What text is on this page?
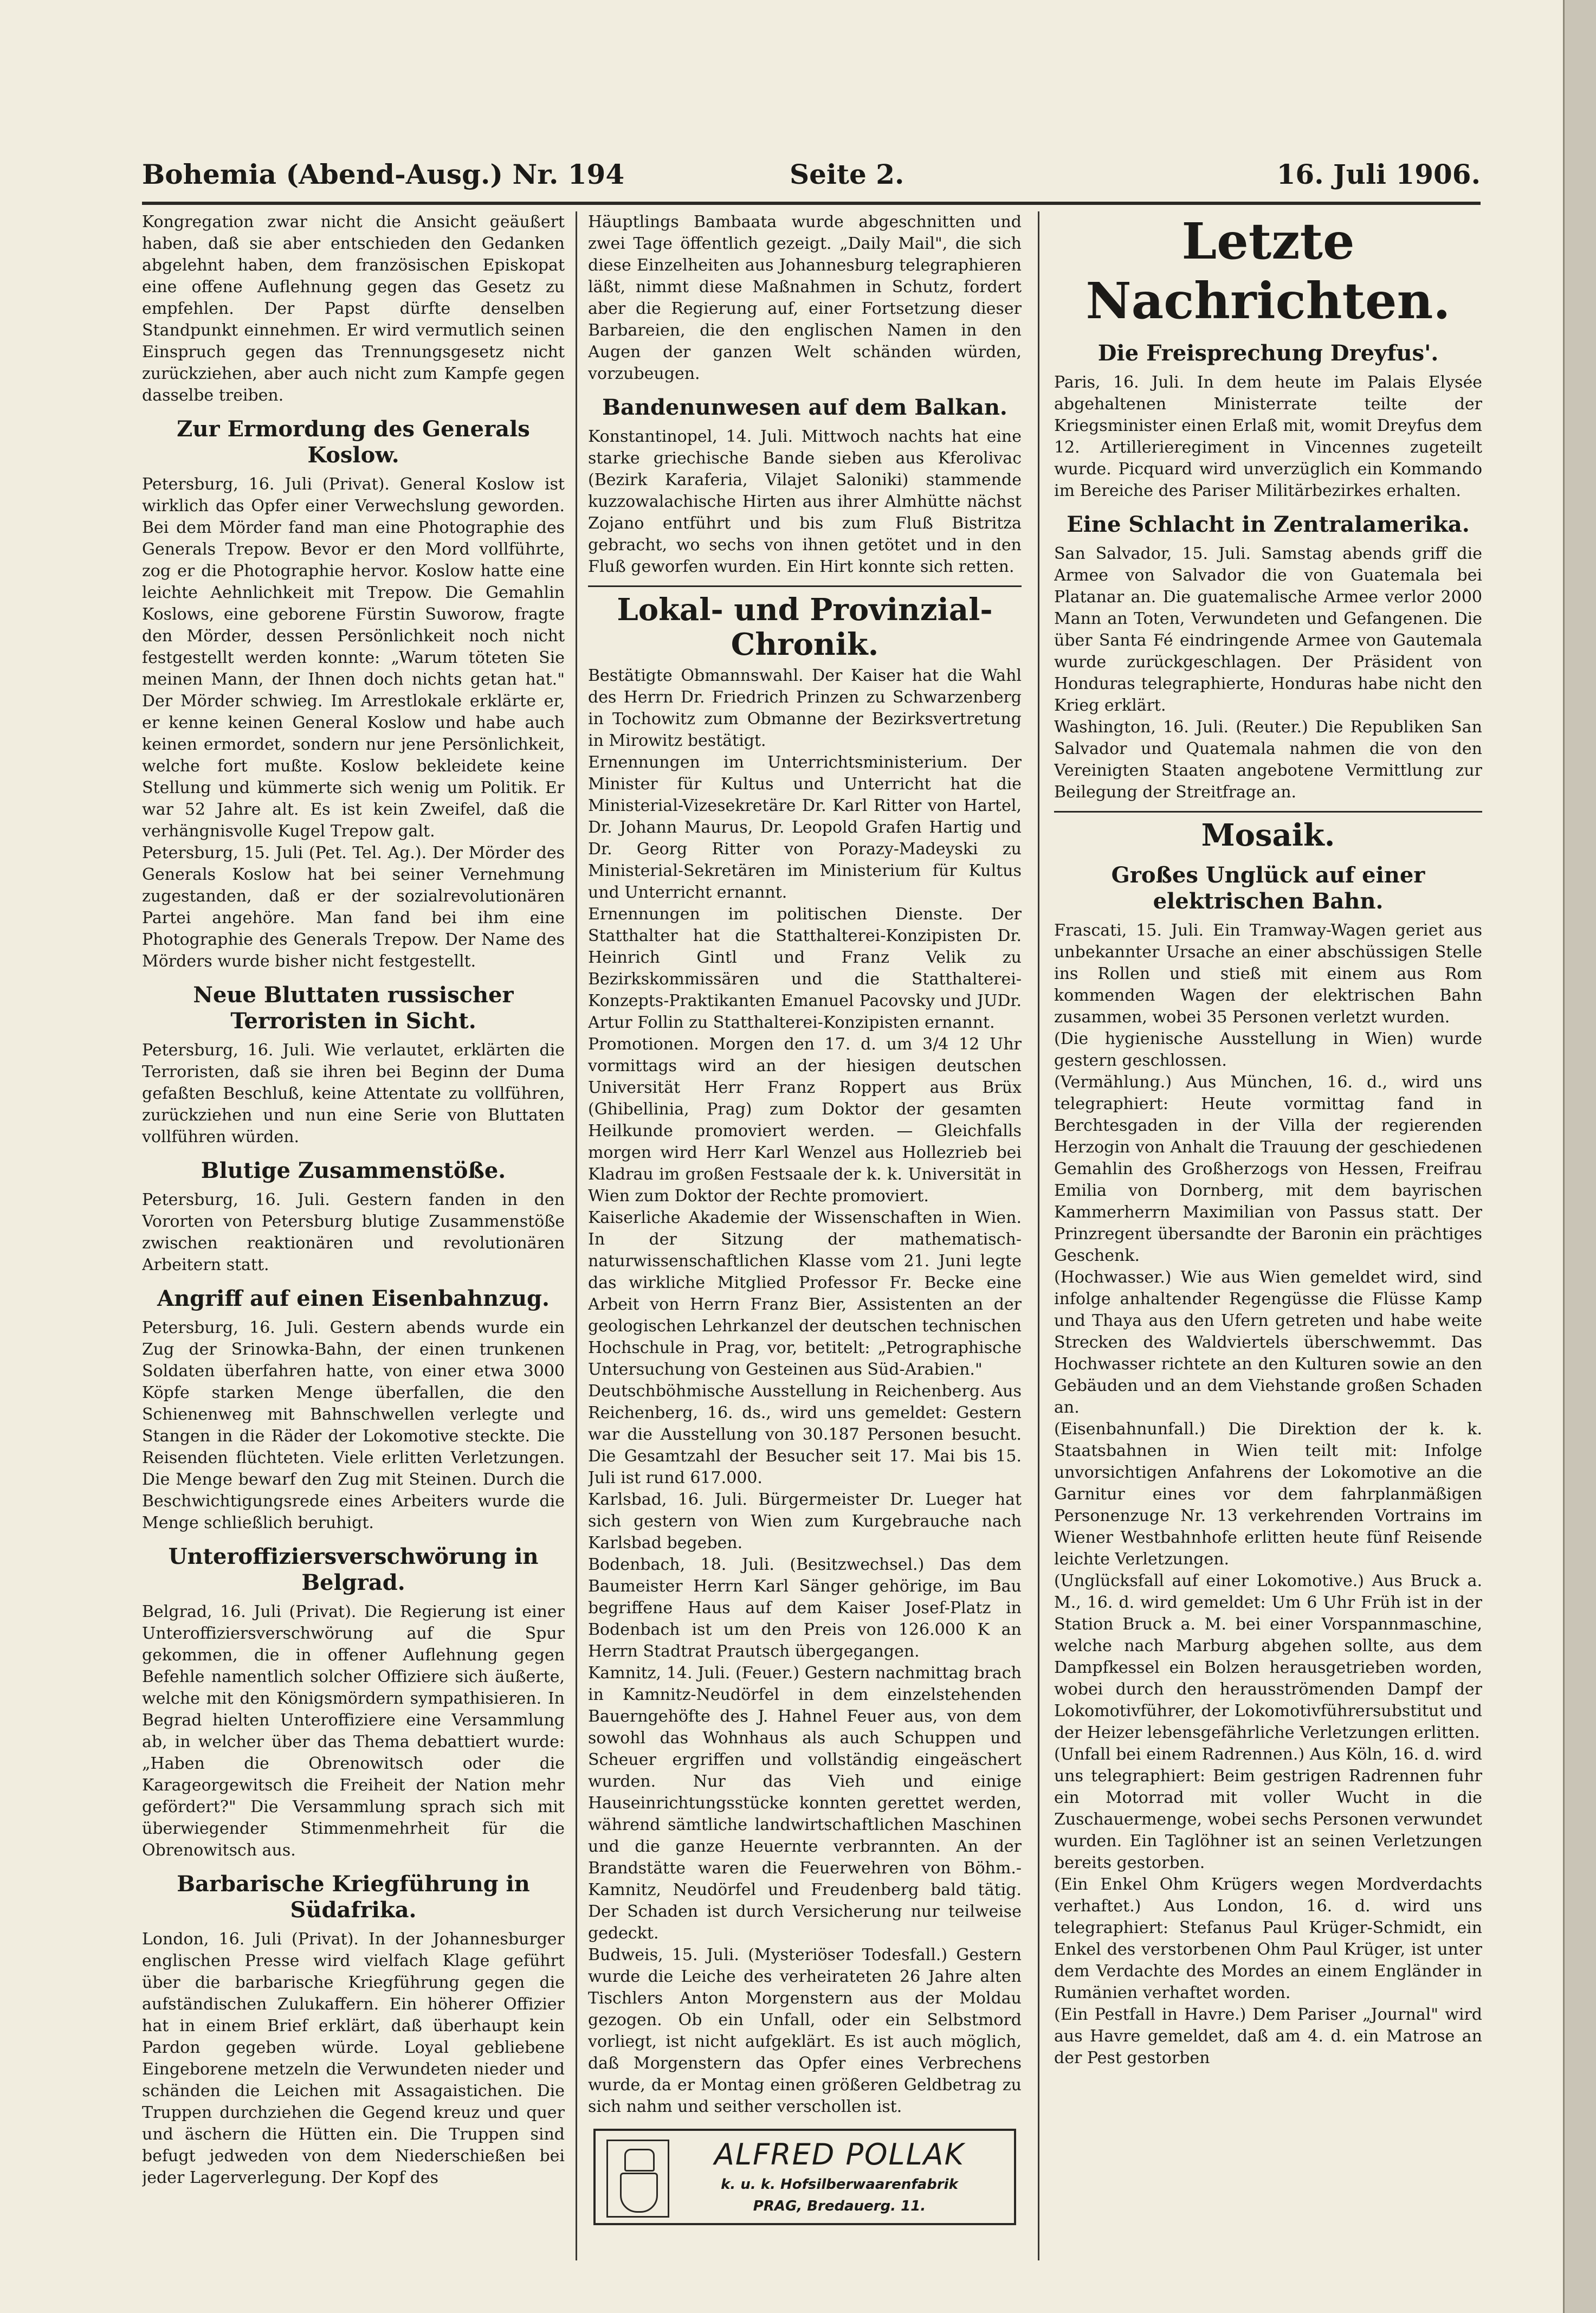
Bohemia (Abend-Ausg.) Nr. 194	Seite 2.	16. Juli 1906.

Kongregation zwar nicht die Ansicht geäußert haben, daß sie aber entschieden den Gedanken abgelehnt haben, dem französischen Episkopat eine offene Auflehnung gegen das Gesetz zu empfehlen. Der Papst dürfte denselben Standpunkt einnehmen. Er wird vermutlich seinen Einspruch gegen das Trennungsgesetz nicht zurückziehen, aber auch nicht zum Kampfe gegen dasselbe treiben.

Zur Ermordung des Generals Koslow.

Petersburg, 16. Juli (Privat). General Koslow ist wirklich das Opfer einer Verwechslung geworden. Bei dem Mörder fand man eine Photographie des Generals Trepow. Bevor er den Mord vollführte, zog er die Photographie hervor. Koslow hatte eine leichte Aehnlichkeit mit Trepow. Die Gemahlin Koslows, eine geborene Fürstin Suworow, fragte den Mörder, dessen Persönlichkeit noch nicht festgestellt werden konnte: „Warum töteten Sie meinen Mann, der Ihnen doch nichts getan hat." Der Mörder schwieg. Im Arrestlokale erklärte er, er kenne keinen General Koslow und habe auch keinen ermordet, sondern nur jene Persönlichkeit, welche fort mußte. Koslow bekleidete keine Stellung und kümmerte sich wenig um Politik. Er war 52 Jahre alt. Es ist kein Zweifel, daß die verhängnisvolle Kugel Trepow galt.

Petersburg, 15. Juli (Pet. Tel. Ag.). Der Mörder des Generals Koslow hat bei seiner Vernehmung zugestanden, daß er der sozialrevolutionären Partei angehöre. Man fand bei ihm eine Photographie des Generals Trepow. Der Name des Mörders wurde bisher nicht festgestellt.

Neue Bluttaten russischer Terroristen in Sicht.

Petersburg, 16. Juli. Wie verlautet, erklärten die Terroristen, daß sie ihren bei Beginn der Duma gefaßten Beschluß, keine Attentate zu vollführen, zurückziehen und nun eine Serie von Bluttaten vollführen würden.

Blutige Zusammenstöße.

Petersburg, 16. Juli. Gestern fanden in den Vororten von Petersburg blutige Zusammenstöße zwischen reaktionären und revolutionären Arbeitern statt.

Angriff auf einen Eisenbahnzug.

Petersburg, 16. Juli. Gestern abends wurde ein Zug der Srinowka-Bahn, der einen trunkenen Soldaten überfahren hatte, von einer etwa 3000 Köpfe starken Menge überfallen, die den Schienenweg mit Bahnschwellen verlegte und Stangen in die Räder der Lokomotive steckte. Die Reisenden flüchteten. Viele erlitten Verletzungen. Die Menge bewarf den Zug mit Steinen. Durch die Beschwichtigungsrede eines Arbeiters wurde die Menge schließlich beruhigt.

Unteroffiziersverschwörung in Belgrad.

Belgrad, 16. Juli (Privat). Die Regierung ist einer Unteroffiziersverschwörung auf die Spur gekommen, die in offener Auflehnung gegen Befehle namentlich solcher Offiziere sich äußerte, welche mit den Königsmördern sympathisieren. In Begrad hielten Unteroffiziere eine Versammlung ab, in welcher über das Thema debattiert wurde: „Haben die Obrenowitsch oder die Karageorgewitsch die Freiheit der Nation mehr gefördert?" Die Versammlung sprach sich mit überwiegender Stimmenmehrheit für die Obrenowitsch aus.

Barbarische Kriegführung in Südafrika.

London, 16. Juli (Privat). In der Johannesburger englischen Presse wird vielfach Klage geführt über die barbarische Kriegführung gegen die aufständischen Zulukaffern. Ein höherer Offizier hat in einem Brief erklärt, daß überhaupt kein Pardon gegeben würde. Loyal gebliebene Eingeborene metzeln die Verwundeten nieder und schänden die Leichen mit Assagaistichen. Die Truppen durchziehen die Gegend kreuz und quer und äschern die Hütten ein. Die Truppen sind befugt jedweden von dem Niederschießen bei jeder Lagerverlegung. Der Kopf des

Häuptlings Bambaata wurde abgeschnitten und zwei Tage öffentlich gezeigt. „Daily Mail", die sich diese Einzelheiten aus Johannesburg telegraphieren läßt, nimmt diese Maßnahmen in Schutz, fordert aber die Regierung auf, einer Fortsetzung dieser Barbareien, die den englischen Namen in den Augen der ganzen Welt schänden würden, vorzubeugen.

Bandenunwesen auf dem Balkan.

Konstantinopel, 14. Juli. Mittwoch nachts hat eine starke griechische Bande sieben aus Kferolivac (Bezirk Karaferia, Vilajet Saloniki) stammende kuzzowalachische Hirten aus ihrer Almhütte nächst Zojano entführt und bis zum Fluß Bistritza gebracht, wo sechs von ihnen getötet und in den Fluß geworfen wurden. Ein Hirt konnte sich retten.

Lokal- und Provinzial-Chronik.

Bestätigte Obmannswahl. Der Kaiser hat die Wahl des Herrn Dr. Friedrich Prinzen zu Schwarzenberg in Tochowitz zum Obmanne der Bezirksvertretung in Mirowitz bestätigt.

Ernennungen im Unterrichtsministerium. Der Minister für Kultus und Unterricht hat die Ministerial-Vizesekretäre Dr. Karl Ritter von Hartel, Dr. Johann Maurus, Dr. Leopold Grafen Hartig und Dr. Georg Ritter von Porazy-Madeyski zu Ministerial-Sekretären im Ministerium für Kultus und Unterricht ernannt.

Ernennungen im politischen Dienste. Der Statthalter hat die Statthalterei-Konzipisten Dr. Heinrich Gintl und Franz Velik zu Bezirkskommissären und die Statthalterei-Konzepts-Praktikanten Emanuel Pacovsky und JUDr. Artur Follin zu Statthalterei-Konzipisten ernannt.

Promotionen. Morgen den 17. d. um 3/4 12 Uhr vormittags wird an der hiesigen deutschen Universität Herr Franz Roppert aus Brüx (Ghibellinia, Prag) zum Doktor der gesamten Heilkunde promoviert werden. — Gleichfalls morgen wird Herr Karl Wenzel aus Hollezrieb bei Kladrau im großen Festsaale der k. k. Universität in Wien zum Doktor der Rechte promoviert.

Kaiserliche Akademie der Wissenschaften in Wien. In der Sitzung der mathematisch-naturwissenschaftlichen Klasse vom 21. Juni legte das wirkliche Mitglied Professor Fr. Becke eine Arbeit von Herrn Franz Bier, Assistenten an der geologischen Lehrkanzel der deutschen technischen Hochschule in Prag, vor, betitelt: „Petrographische Untersuchung von Gesteinen aus Süd-Arabien."

Deutschböhmische Ausstellung in Reichenberg. Aus Reichenberg, 16. ds., wird uns gemeldet: Gestern war die Ausstellung von 30.187 Personen besucht. Die Gesamtzahl der Besucher seit 17. Mai bis 15. Juli ist rund 617.000.

Karlsbad, 16. Juli. Bürgermeister Dr. Lueger hat sich gestern von Wien zum Kurgebrauche nach Karlsbad begeben.

Bodenbach, 18. Juli. (Besitzwechsel.) Das dem Baumeister Herrn Karl Sänger gehörige, im Bau begriffene Haus auf dem Kaiser Josef-Platz in Bodenbach ist um den Preis von 126.000 K an Herrn Stadtrat Prautsch übergegangen.

Kamnitz, 14. Juli. (Feuer.) Gestern nachmittag brach in Kamnitz-Neudörfel in dem einzelstehenden Bauerngehöfte des J. Hahnel Feuer aus, von dem sowohl das Wohnhaus als auch Schuppen und Scheuer ergriffen und vollständig eingeäschert wurden. Nur das Vieh und einige Hauseinrichtungsstücke konnten gerettet werden, während sämtliche landwirtschaftlichen Maschinen und die ganze Heuernte verbrannten. An der Brandstätte waren die Feuerwehren von Böhm.-Kamnitz, Neudörfel und Freudenberg bald tätig. Der Schaden ist durch Versicherung nur teilweise gedeckt.

Budweis, 15. Juli. (Mysteriöser Todesfall.) Gestern wurde die Leiche des verheirateten 26 Jahre alten Tischlers Anton Morgenstern aus der Moldau gezogen. Ob ein Unfall, oder ein Selbstmord vorliegt, ist nicht aufgeklärt. Es ist auch möglich, daß Morgenstern das Opfer eines Verbrechens wurde, da er Montag einen größeren Geldbetrag zu sich nahm und seither verschollen ist.

ALFRED POLLAK
k. u. k. Hofsilberwaarenfabrik
PRAG, Bredauerg. 11.
Letzte Nachrichten.
Die Freisprechung Dreyfus'.

Paris, 16. Juli. In dem heute im Palais Elysée abgehaltenen Ministerrate teilte der Kriegsminister einen Erlaß mit, womit Dreyfus dem 12. Artillerieregiment in Vincennes zugeteilt wurde. Picquard wird unverzüglich ein Kommando im Bereiche des Pariser Militärbezirkes erhalten.

Eine Schlacht in Zentralamerika.

San Salvador, 15. Juli. Samstag abends griff die Armee von Salvador die von Guatemala bei Platanar an. Die guatemalische Armee verlor 2000 Mann an Toten, Verwundeten und Gefangenen. Die über Santa Fé eindringende Armee von Gautemala wurde zurückgeschlagen. Der Präsident von Honduras telegraphierte, Honduras habe nicht den Krieg erklärt.

Washington, 16. Juli. (Reuter.) Die Republiken San Salvador und Quatemala nahmen die von den Vereinigten Staaten angebotene Vermittlung zur Beilegung der Streitfrage an.

Mosaik.
Großes Unglück auf einer elektrischen Bahn.

Frascati, 15. Juli. Ein Tramway-Wagen geriet aus unbekannter Ursache an einer abschüssigen Stelle ins Rollen und stieß mit einem aus Rom kommenden Wagen der elektrischen Bahn zusammen, wobei 35 Personen verletzt wurden.

(Die hygienische Ausstellung in Wien) wurde gestern geschlossen.

(Vermählung.) Aus München, 16. d., wird uns telegraphiert: Heute vormittag fand in Berchtesgaden in der Villa der regierenden Herzogin von Anhalt die Trauung der geschiedenen Gemahlin des Großherzogs von Hessen, Freifrau Emilia von Dornberg, mit dem bayrischen Kammerherrn Maximilian von Passus statt. Der Prinzregent übersandte der Baronin ein prächtiges Geschenk.

(Hochwasser.) Wie aus Wien gemeldet wird, sind infolge anhaltender Regengüsse die Flüsse Kamp und Thaya aus den Ufern getreten und habe weite Strecken des Waldviertels überschwemmt. Das Hochwasser richtete an den Kulturen sowie an den Gebäuden und an dem Viehstande großen Schaden an.

(Eisenbahnunfall.) Die Direktion der k. k. Staatsbahnen in Wien teilt mit: Infolge unvorsichtigen Anfahrens der Lokomotive an die Garnitur eines vor dem fahrplanmäßigen Personenzuge Nr. 13 verkehrenden Vortrains im Wiener Westbahnhofe erlitten heute fünf Reisende leichte Verletzungen.

(Unglücksfall auf einer Lokomotive.) Aus Bruck a. M., 16. d. wird gemeldet: Um 6 Uhr Früh ist in der Station Bruck a. M. bei einer Vorspannmaschine, welche nach Marburg abgehen sollte, aus dem Dampfkessel ein Bolzen herausgetrieben worden, wobei durch den herausströmenden Dampf der Lokomotivführer, der Lokomotivführersubstitut und der Heizer lebensgefährliche Verletzungen erlitten.

(Unfall bei einem Radrennen.) Aus Köln, 16. d. wird uns telegraphiert: Beim gestrigen Radrennen fuhr ein Motorrad mit voller Wucht in die Zuschauermenge, wobei sechs Personen verwundet wurden. Ein Taglöhner ist an seinen Verletzungen bereits gestorben.

(Ein Enkel Ohm Krügers wegen Mordverdachts verhaftet.) Aus London, 16. d. wird uns telegraphiert: Stefanus Paul Krüger-Schmidt, ein Enkel des verstorbenen Ohm Paul Krüger, ist unter dem Verdachte des Mordes an einem Engländer in Rumänien verhaftet worden.

(Ein Pestfall in Havre.) Dem Pariser „Journal" wird aus Havre gemeldet, daß am 4. d. ein Matrose an der Pest gestorben
